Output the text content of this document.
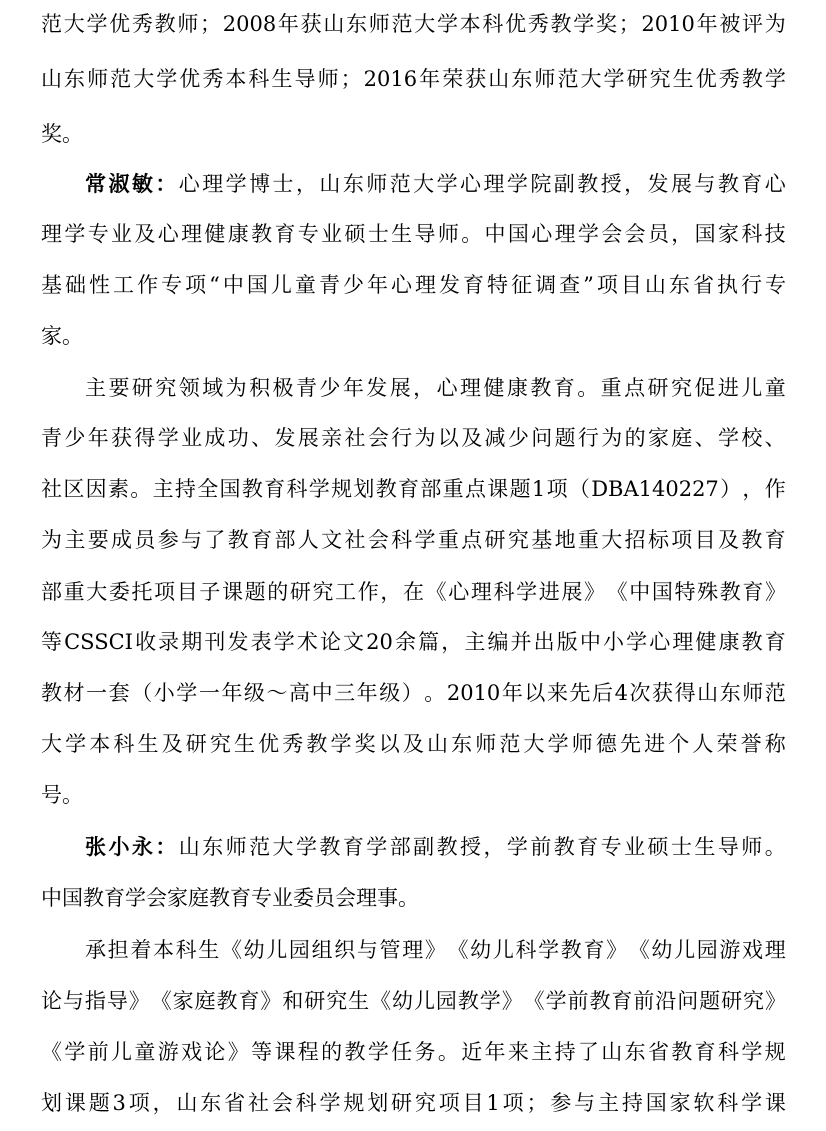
范 大 学 优 秀 教 师 ； 2008 年 获 山 东 师 范 大 学 本 科 优 秀 教 学 奖 ； 2010 年 被 评 为
山 东 师 范 大 学 优 秀 本 科 生 导 师 ； 2016 年 荣 获 山 东 师 范 大 学 研 究 生 优 秀 教 学
奖 。
常 淑 敏 ： 心 理 学 博 士 ， 山 东 师 范 大 学 心 理 学 院 副 教 授 ， 发 展 与 教 育 心
理 学 专 业 及 心 理 健 康 教 育 专 业 硕 士 生 导 师 。 中 国 心 理 学 会 会 员 ， 国 家 科 技
基 础 性 工 作 专 项 “ 中 国 儿 童 青 少 年 心 理 发 育 特 征 调 查 ” 项 目 山 东 省 执 行 专
家 。
主 要 研 究 领 域 为 积 极 青 少 年 发 展 ， 心 理 健 康 教 育 。 重 点 研 究 促 进 儿 童
青 少 年 获 得 学 业 成 功 、 发 展 亲 社 会 行 为 以 及 减 少 问 题 行 为 的 家 庭 、 学 校 、
社 区 因 素 。 主 持 全 国 教 育 科 学 规 划 教 育 部 重 点 课 题 1 项 （ DBA140227 ） ， 作
为 主 要 成 员 参 与 了 教 育 部 人 文 社 会 科 学 重 点 研 究 基 地 重 大 招 标 项 目 及 教 育
部 重 大 委 托 项 目 子 课 题 的 研 究 工 作 ， 在 《 心 理 科 学 进 展 》 《 中 国 特 殊 教 育 》
等 CSSCI 收 录 期 刊 发 表 学 术 论 文 20 余 篇 ， 主 编 并 出 版 中 小 学 心 理 健 康 教 育
教 材 一 套 （ 小 学 一 年 级 ～ 高 中 三 年 级 ） 。 2010 年 以 来 先 后 4 次 获 得 山 东 师 范
大 学 本 科 生 及 研 究 生 优 秀 教 学 奖 以 及 山 东 师 范 大 学 师 德 先 进 个 人 荣 誉 称
号 。
张 小 永 ： 山 东 师 范 大 学 教 育 学 部 副 教 授 ， 学 前 教 育 专 业 硕 士 生 导 师 。
中 国 教 育 学 会 家 庭 教 育 专 业 委 员 会 理 事 。
承 担 着 本 科 生 《 幼 儿 园 组 织 与 管 理 》 《 幼 儿 科 学 教 育 》 《 幼 儿 园 游 戏 理
论 与 指 导 》 《 家 庭 教 育 》 和 研 究 生 《 幼 儿 园 教 学 》 《 学 前 教 育 前 沿 问 题 研 究 》
《 学 前 儿 童 游 戏 论 》 等 课 程 的 教 学 任 务 。 近 年 来 主 持 了 山 东 省 教 育 科 学 规
划 课 题 3 项 ， 山 东 省 社 会 科 学 规 划 研 究 项 目 1 项 ； 参 与 主 持 国 家 软 科 学 课
